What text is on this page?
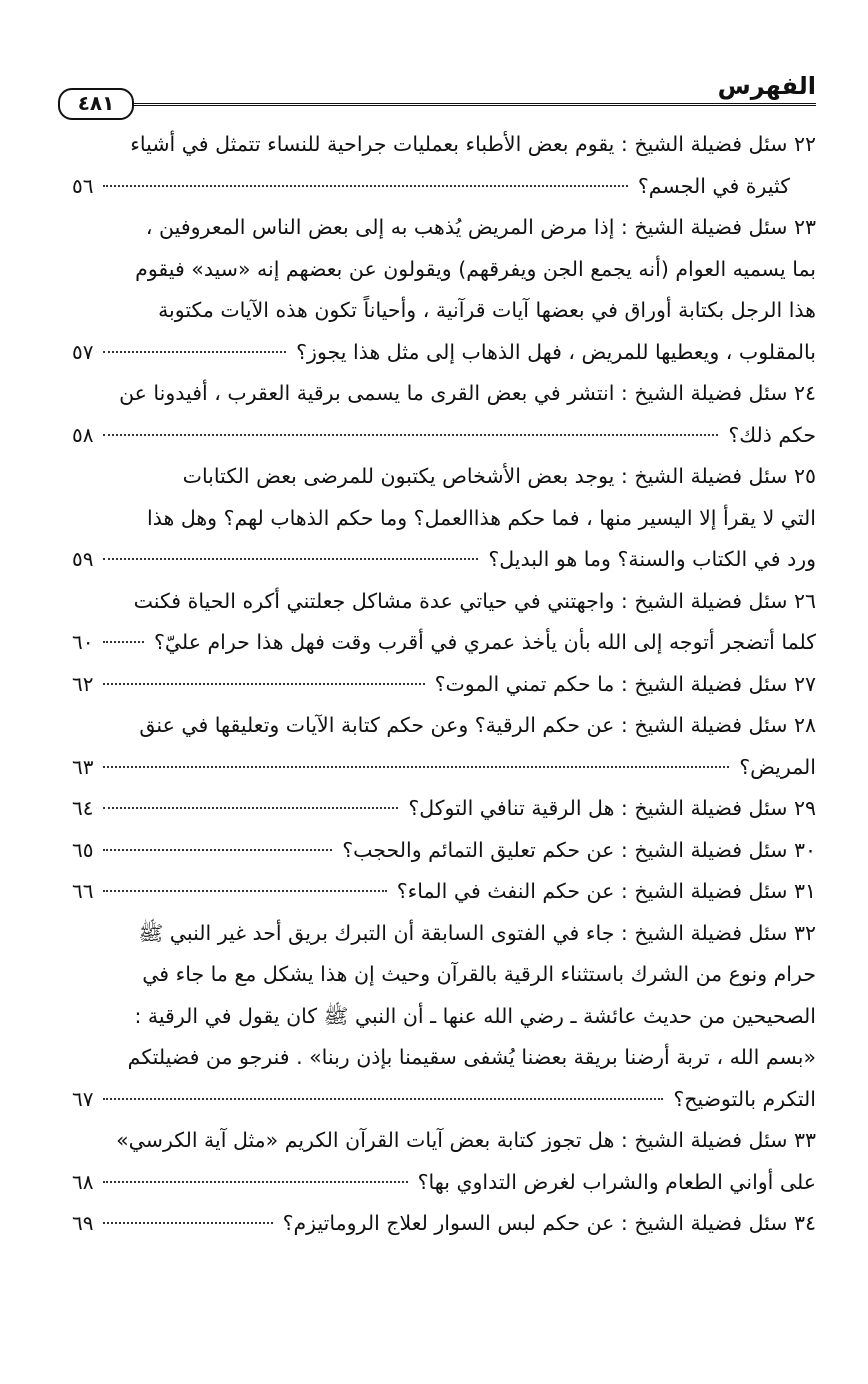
الفهرس
٤٨١
٢٢ سئل فضيلة الشيخ : يقوم بعض الأطباء بعمليات جراحية للنساء تتمثل في أشياء
كثيرة في الجسم؟
٥٦
٢٣ سئل فضيلة الشيخ : إذا مرض المريض يُذهب به إلى بعض الناس المعروفين ،
بما يسميه العوام (أنه يجمع الجن ويفرقهم) ويقولون عن بعضهم إنه «سيد» فيقوم
هذا الرجل بكتابة أوراق في بعضها آيات قرآنية ، وأحياناً تكون هذه الآيات مكتوبة
بالمقلوب ، ويعطيها للمريض ، فهل الذهاب إلى مثل هذا يجوز؟
٥٧
٢٤ سئل فضيلة الشيخ : انتشر في بعض القرى ما يسمى برقية العقرب ، أفيدونا عن
حكم ذلك؟
٥٨
٢٥ سئل فضيلة الشيخ : يوجد بعض الأشخاص يكتبون للمرضى بعض الكتابات
التي لا يقرأ إلا اليسير منها ، فما حكم هذاالعمل؟ وما حكم الذهاب لهم؟ وهل هذا
ورد في الكتاب والسنة؟ وما هو البديل؟
٥٩
٢٦ سئل فضيلة الشيخ : واجهتني في حياتي عدة مشاكل جعلتني أكره الحياة فكنت
كلما أتضجر أتوجه إلى الله بأن يأخذ عمري في أقرب وقت فهل هذا حرام عليّ؟
٦٠
٢٧ سئل فضيلة الشيخ : ما حكم تمني الموت؟
٦٢
٢٨ سئل فضيلة الشيخ : عن حكم الرقية؟ وعن حكم كتابة الآيات وتعليقها في عنق
المريض؟
٦٣
٢٩ سئل فضيلة الشيخ : هل الرقية تنافي التوكل؟
٦٤
٣٠ سئل فضيلة الشيخ : عن حكم تعليق التمائم والحجب؟
٦٥
٣١ سئل فضيلة الشيخ : عن حكم النفث في الماء؟
٦٦
٣٢ سئل فضيلة الشيخ : جاء في الفتوى السابقة أن التبرك بريق أحد غير النبي ﷺ
حرام ونوع من الشرك باستثناء الرقية بالقرآن وحيث إن هذا يشكل مع ما جاء في
الصحيحين من حديث عائشة ـ رضي الله عنها ـ أن النبي ﷺ كان يقول في الرقية :
«بسم الله ، تربة أرضنا بريقة بعضنا يُشفى سقيمنا بإذن ربنا» . فنرجو من فضيلتكم
التكرم بالتوضيح؟
٦٧
٣٣ سئل فضيلة الشيخ : هل تجوز كتابة بعض آيات القرآن الكريم «مثل آية الكرسي»
على أواني الطعام والشراب لغرض التداوي بها؟
٦٨
٣٤ سئل فضيلة الشيخ : عن حكم لبس السوار لعلاج الروماتيزم؟
٦٩
